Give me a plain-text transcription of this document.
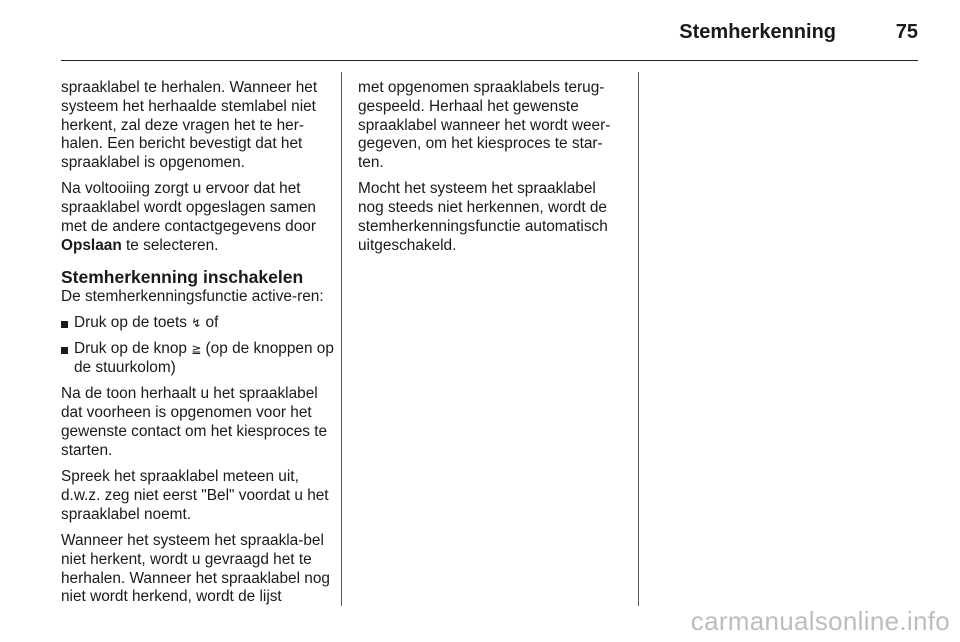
Stemherkenning	75

spraaklabel te herhalen. Wanneer het systeem het herhaalde stemlabel niet herkent, zal deze vragen het te her-halen. Een bericht bevestigt dat het spraaklabel is opgenomen.

Na voltooiing zorgt u ervoor dat het spraaklabel wordt opgeslagen samen met de andere contactgegevens door Opslaan te selecteren.

Stemherkenning inschakelen

De stemherkenningsfunctie active-ren:

Druk op de toets ↯ of
Druk op de knop ≧ (op de knoppen op de stuurkolom)

Na de toon herhaalt u het spraaklabel dat voorheen is opgenomen voor het gewenste contact om het kiesproces te starten.

Spreek het spraaklabel meteen uit, d.w.z. zeg niet eerst "Bel" voordat u het spraaklabel noemt.

Wanneer het systeem het spraakla-bel niet herkent, wordt u gevraagd het te herhalen. Wanneer het spraaklabel nog niet wordt herkend, wordt de lijst

met opgenomen spraaklabels terug-gespeeld. Herhaal het gewenste spraaklabel wanneer het wordt weer-gegeven, om het kiesproces te star-ten.

Mocht het systeem het spraaklabel nog steeds niet herkennen, wordt de stemherkenningsfunctie automatisch uitgeschakeld.

carmanualsonline.info
